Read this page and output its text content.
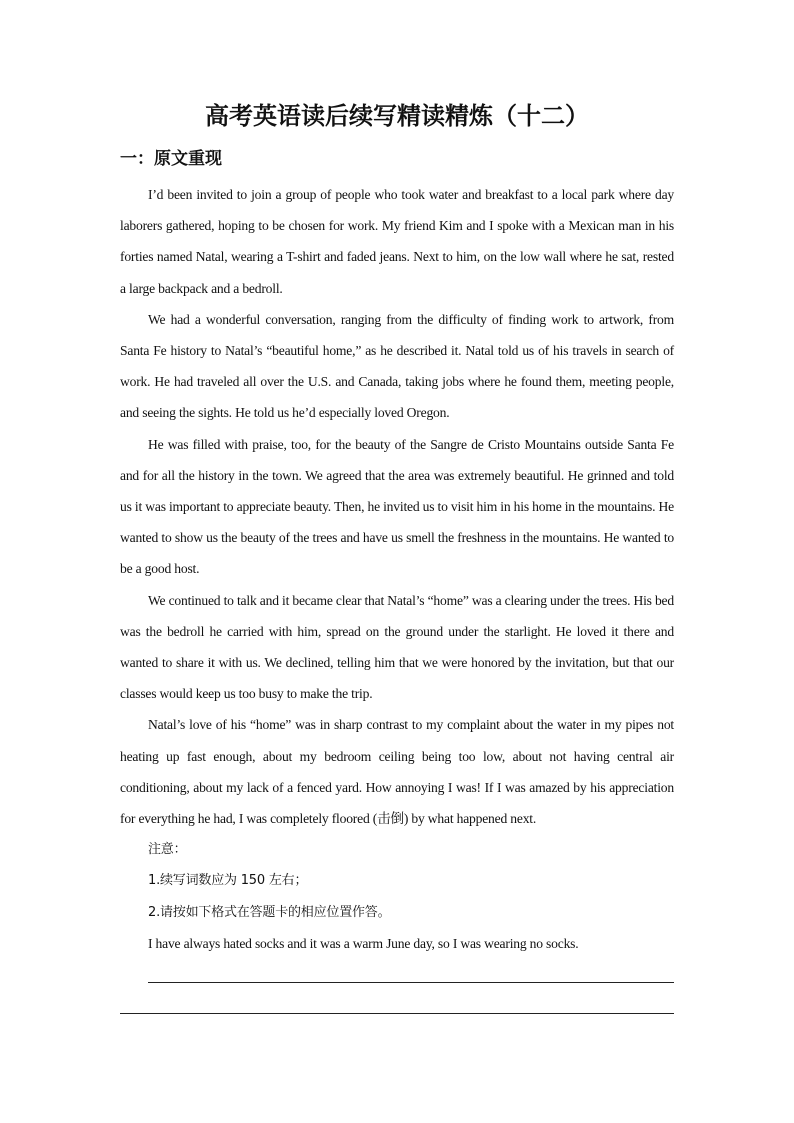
高考英语读后续写精读精炼（十二）
一：原文重现

I’d been invited to join a group of people who took water and breakfast to a local park where day laborers gathered, hoping to be chosen for work. My friend Kim and I spoke with a Mexican man in his forties named Natal, wearing a T-shirt and faded jeans. Next to him, on the low wall where he sat, rested a large backpack and a bedroll.

We had a wonderful conversation, ranging from the difficulty of finding work to artwork, from Santa Fe history to Natal’s “beautiful home,” as he described it. Natal told us of his travels in search of work. He had traveled all over the U.S. and Canada, taking jobs where he found them, meeting people, and seeing the sights. He told us he’d especially loved Oregon.

He was filled with praise, too, for the beauty of the Sangre de Cristo Mountains outside Santa Fe and for all the history in the town. We agreed that the area was extremely beautiful. He grinned and told us it was important to appreciate beauty. Then, he invited us to visit him in his home in the mountains. He wanted to show us the beauty of the trees and have us smell the freshness in the mountains. He wanted to be a good host.

We continued to talk and it became clear that Natal’s “home” was a clearing under the trees. His bed was the bedroll he carried with him, spread on the ground under the starlight. He loved it there and wanted to share it with us. We declined, telling him that we were honored by the invitation, but that our classes would keep us too busy to make the trip.

Natal’s love of his “home” was in sharp contrast to my complaint about the water in my pipes not heating up fast enough, about my bedroom ceiling being too low, about not having central air conditioning, about my lack of a fenced yard. How annoying I was! If I was amazed by his appreciation for everything he had, I was completely floored (击倒) by what happened next.

注意：

1.续写词数应为 150 左右；

2.请按如下格式在答题卡的相应位置作答。

I have always hated socks and it was a warm June day, so I was wearing no socks.
